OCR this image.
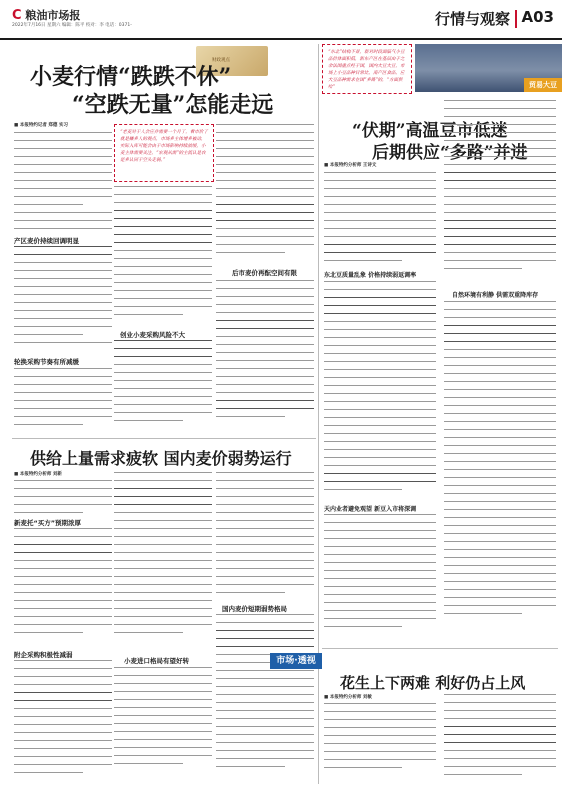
C 粮油市场报
2022年7月16日 星期六 编辑：陈平 校对：李 电话：0371-	行情与观察 A03
财政观点
小麦行情“跌跌不休”
“空跌无量”怎能走远
■ 本报特约记者 郑德 实习
“老麦对于人会应并需要一个月了，看市价了就是赚多人的观点，市场多主体增多被动，实际入库可能会由于市场影响持续放缓，小麦主体需要关注，“宏观从需”的主流认是农是多认同于空头走弱。”
产区麦价持续回调明显
轮换采购节奏有所减缓
创业小麦采购风险不大
后市麦价再酝空间有限
供给上量需求疲软 国内麦价弱势运行
■ 本报特约分析师 刘新
新麦托“买方”预期浓厚
附企采购积极性减弱
小麦进口格局有望好转
国内麦价短期弱势格局
“东北”结构不景，新对时段面临气小豆品价体面积低，新东产区在基层由于之余法国重点经于国，国内大豆大豆，市场上小豆品种目常比，南产区食品，应大豆品种需求在国“多路”的，“方面供给”	贸易大豆
“伏期”高温豆市低迷
后期供应“多路”并进
■ 本报特约分析师 王诗文
东北豆质量乱象 价格持续弱返调率
天内业者避免观望 新豆入市将深调
自然环境有利静 供需双重降库存
市场·透视
花生上下两难 利好仍占上风
■ 本报特约分析师 刘敏
